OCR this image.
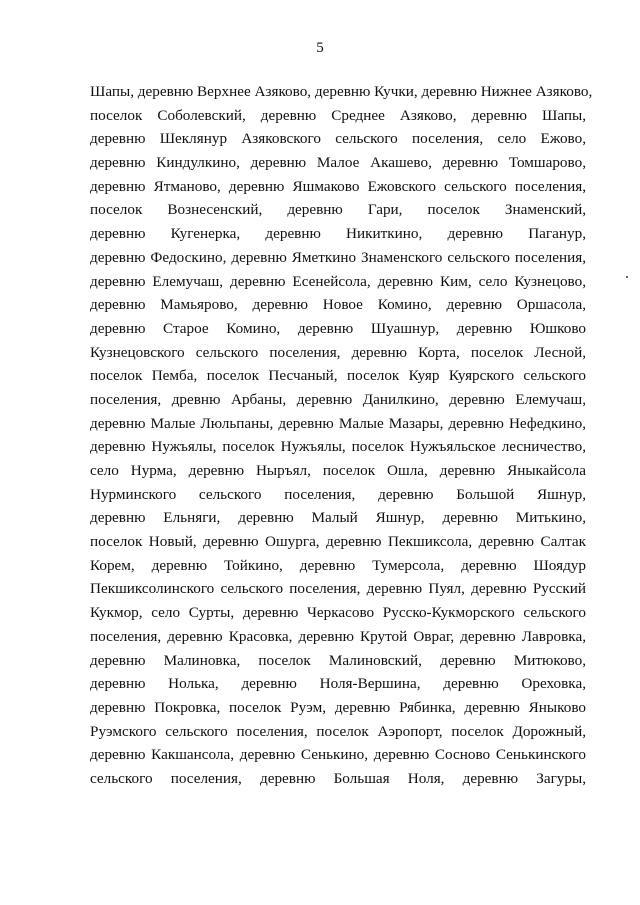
5
Шапы, деревню Верхнее Азяково, деревню Кучки, деревню Нижнее Азяково,
поселок Соболевский, деревню Среднее Азяково, деревню Шапы,
деревню Шеклянур Азяковского сельского поселения, село Ежово,
деревню Киндулкино, деревню Малое Акашево, деревню Томшарово,
деревню Ятманово, деревню Яшмаково Ежовского сельского поселения,
поселок Вознесенский, деревню Гари, поселок Знаменский,
деревню Кугенерка, деревню Никиткино, деревню Паганур,
деревню Федоскино, деревню Яметкино Знаменского сельского поселения,
деревню Елемучаш, деревню Есенейсола, деревню Ким, село Кузнецово,
деревню Мамьярово, деревню Новое Комино, деревню Оршасола,
деревню Старое Комино, деревню Шуашнур, деревню Юшково
Кузнецовского сельского поселения, деревню Корта, поселок Лесной,
поселок Пемба, поселок Песчаный, поселок Куяр Куярского сельского
поселения, древню Арбаны, деревню Данилкино, деревню Елемучаш,
деревню Малые Люльпаны, деревню Малые Мазары, деревню Нефедкино,
деревню Нужъялы, поселок Нужъялы, поселок Нужъяльское лесничество,
село Нурма, деревню Ныръял, поселок Ошла, деревню Яныкайсола
Нурминского сельского поселения, деревню Большой Яшнур,
деревню Ельняги, деревню Малый Яшнур, деревню Митькино,
поселок Новый, деревню Ошурга, деревню Пекшиксола, деревню Салтак
Корем, деревню Тойкино, деревню Тумерсола, деревню Шоядур
Пекшиксолинского сельского поселения, деревню Пуял, деревню Русский
Кукмор, село Сурты, деревню Черкасово Русско-Кукморского сельского
поселения, деревню Красовка, деревню Крутой Овраг, деревню Лавровка,
деревню Малиновка, поселок Малиновский, деревню Митюково,
деревню Нолька, деревню Ноля-Вершина, деревню Ореховка,
деревню Покровка, поселок Руэм, деревню Рябинка, деревню Яныково
Руэмского сельского поселения, поселок Аэропорт, поселок Дорожный,
деревню Какшансола, деревню Сенькино, деревню Сосново Сенькинского
сельского поселения, деревню Большая Ноля, деревню Загуры,
